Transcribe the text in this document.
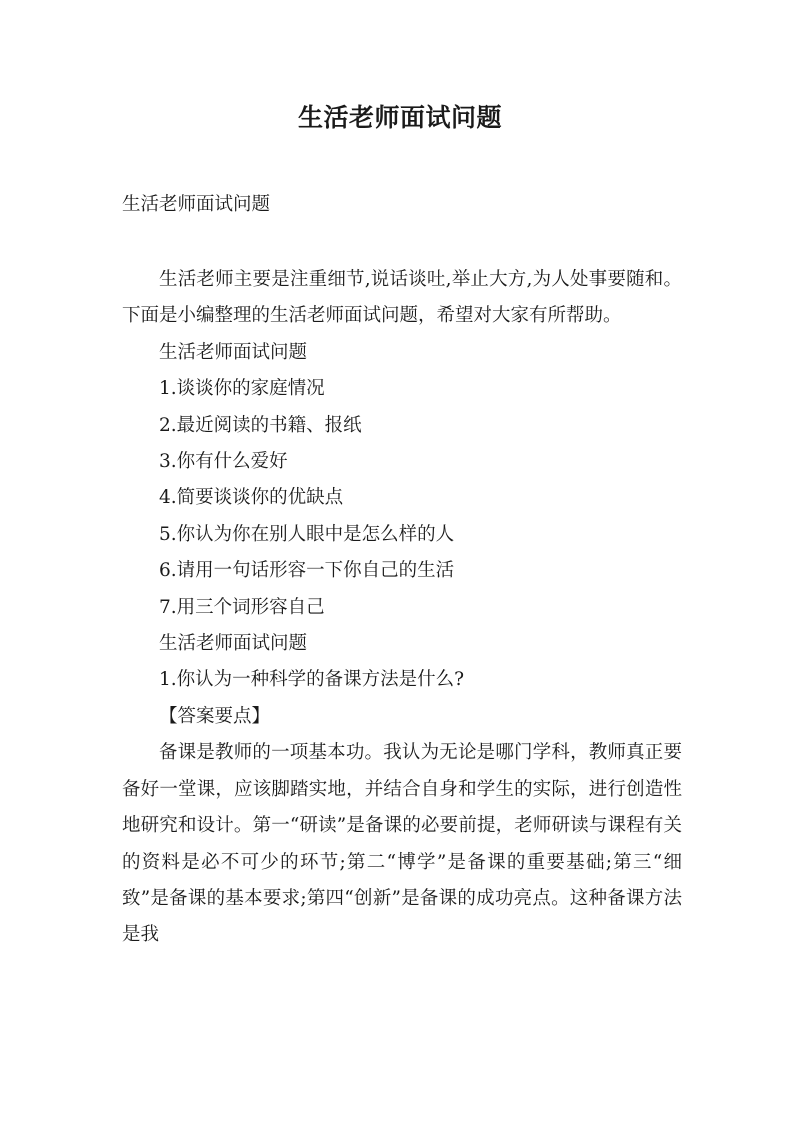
生活老师面试问题

生活老师面试问题

生活老师主要是注重细节,说话谈吐,举止大方,为人处事要随和。下面是小编整理的生活老师面试问题，希望对大家有所帮助。

生活老师面试问题

1.谈谈你的家庭情况

2.最近阅读的书籍、报纸

3.你有什么爱好

4.简要谈谈你的优缺点

5.你认为你在别人眼中是怎么样的人

6.请用一句话形容一下你自己的生活

7.用三个词形容自己

生活老师面试问题

1.你认为一种科学的备课方法是什么?

【答案要点】

备课是教师的一项基本功。我认为无论是哪门学科，教师真正要备好一堂课，应该脚踏实地，并结合自身和学生的实际，进行创造性地研究和设计。第一“研读”是备课的必要前提，老师研读与课程有关的资料是必不可少的环节;第二“博学”是备课的重要基础;第三“细致”是备课的基本要求;第四“创新”是备课的成功亮点。这种备课方法是我
